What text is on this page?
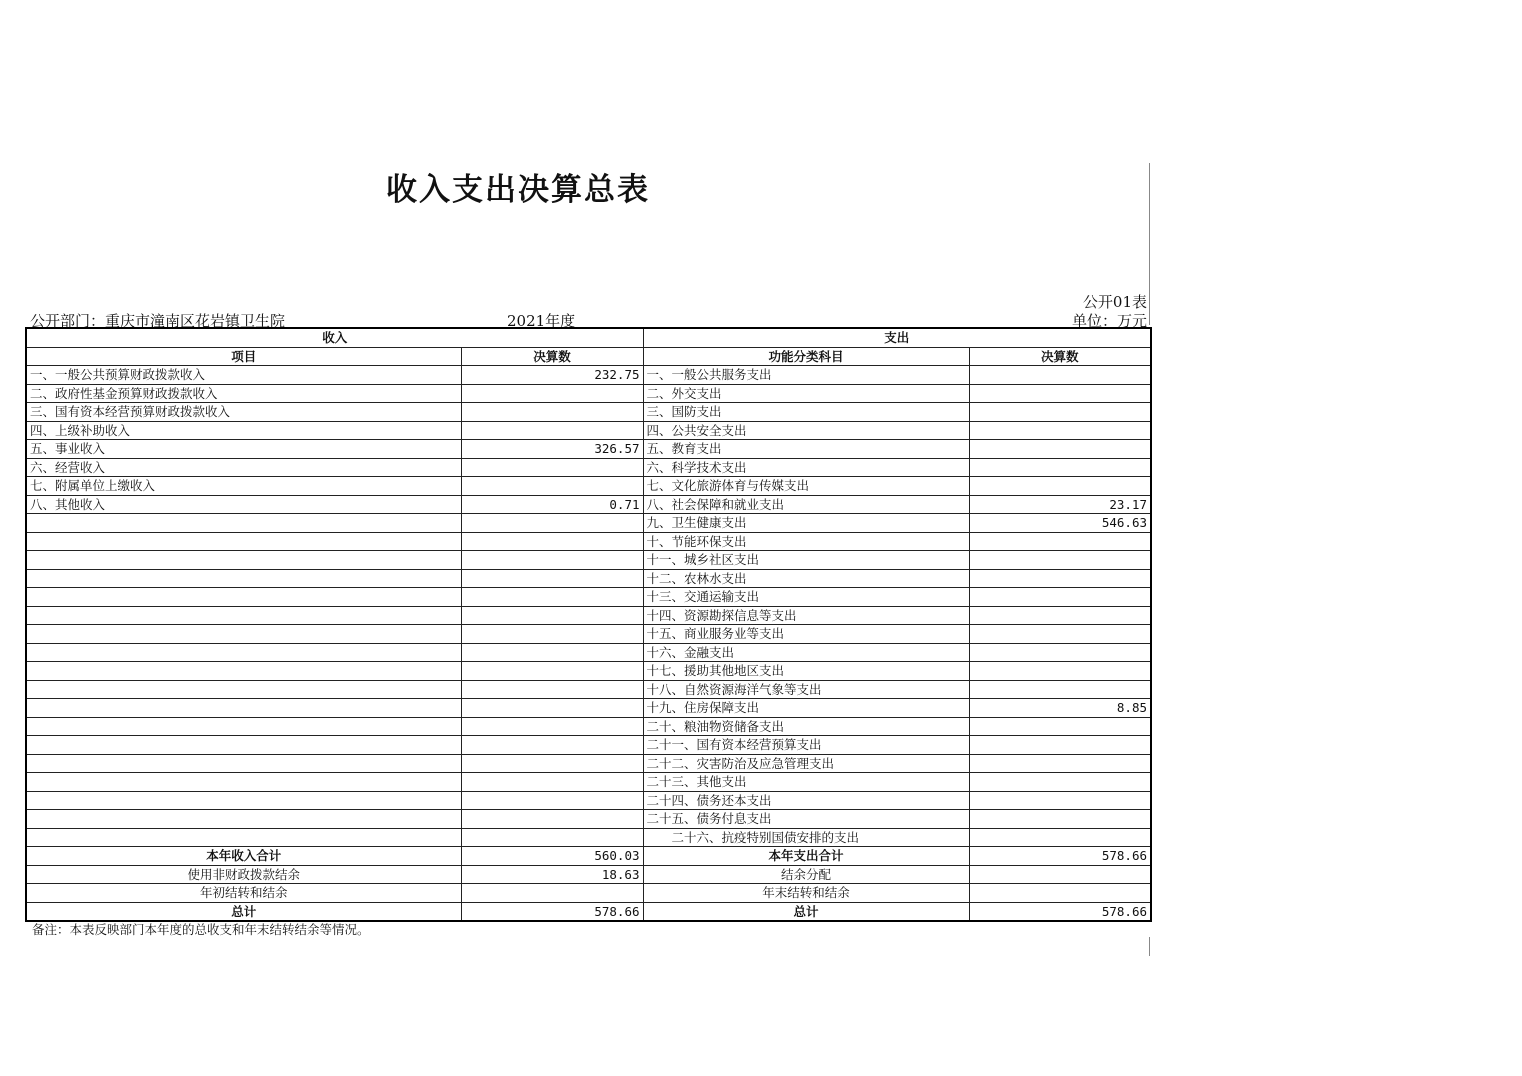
收入支出决算总表
公开部门：重庆市潼南区花岩镇卫生院	2021年度
公开01表
单位：万元
收入		支出	
项目	决算数	功能分类科目	决算数
一、一般公共预算财政拨款收入	232.75	一、一般公共服务支出	
二、政府性基金预算财政拨款收入		二、外交支出	
三、国有资本经营预算财政拨款收入		三、国防支出	
四、上级补助收入		四、公共安全支出	
五、事业收入	326.57	五、教育支出	
六、经营收入		六、科学技术支出	
七、附属单位上缴收入		七、文化旅游体育与传媒支出	
八、其他收入	0.71	八、社会保障和就业支出	23.17
		九、卫生健康支出	546.63
		十、节能环保支出	
		十一、城乡社区支出	
		十二、农林水支出	
		十三、交通运输支出	
		十四、资源勘探信息等支出	
		十五、商业服务业等支出	
		十六、金融支出	
		十七、援助其他地区支出	
		十八、自然资源海洋气象等支出	
		十九、住房保障支出	8.85
		二十、粮油物资储备支出	
		二十一、国有资本经营预算支出	
		二十二、灾害防治及应急管理支出	
		二十三、其他支出	
		二十四、债务还本支出	
		二十五、债务付息支出	
		二十六、抗疫特别国债安排的支出	
本年收入合计	560.03	本年支出合计	578.66
使用非财政拨款结余	18.63	结余分配	
年初结转和结余		年末结转和结余	
总计	578.66	总计	578.66
备注：本表反映部门本年度的总收支和年末结转结余等情况。
